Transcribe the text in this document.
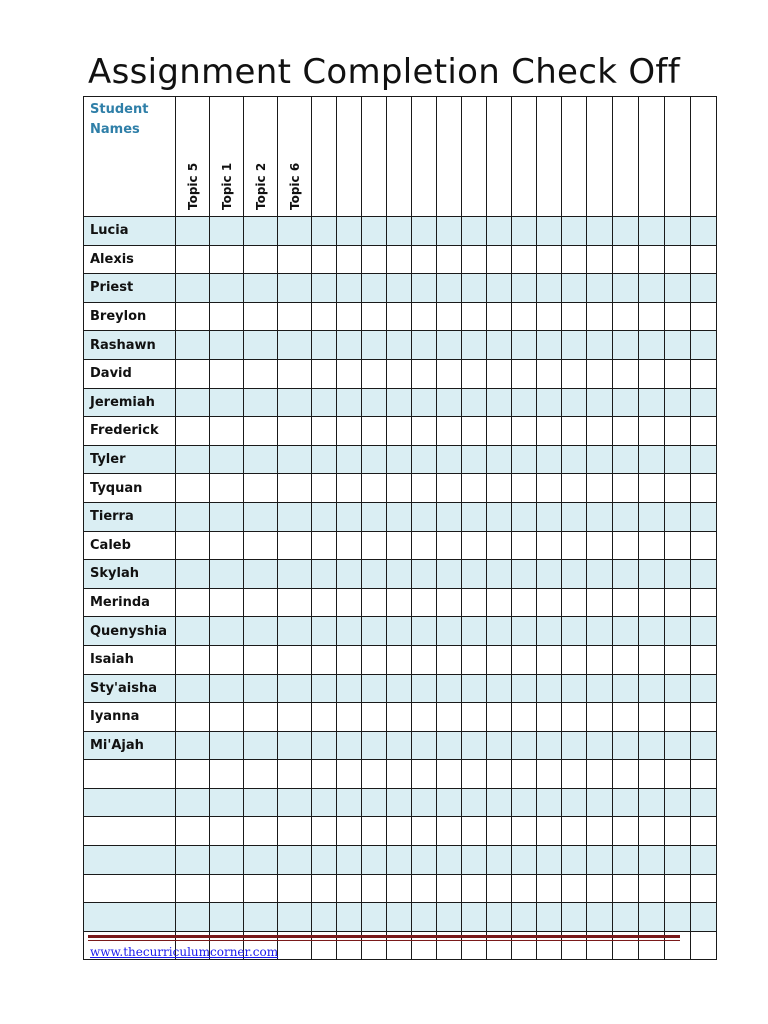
Assignment Completion Check Off
Student Names	Topic 5	Topic 1	Topic 2	Topic 6																

Lucia																				
Alexis																				
Priest																				
Breylon																				
Rashawn																				
David																				
Jeremiah																				
Frederick																				
Tyler																				
Tyquan																				
Tierra																				
Caleb																				
Skylah																				
Merinda																				
Quenyshia																				
Isaiah																				
Sty'aisha																				
Iyanna																				
Mi'Ajah																				

www.thecurriculumcorner.com
